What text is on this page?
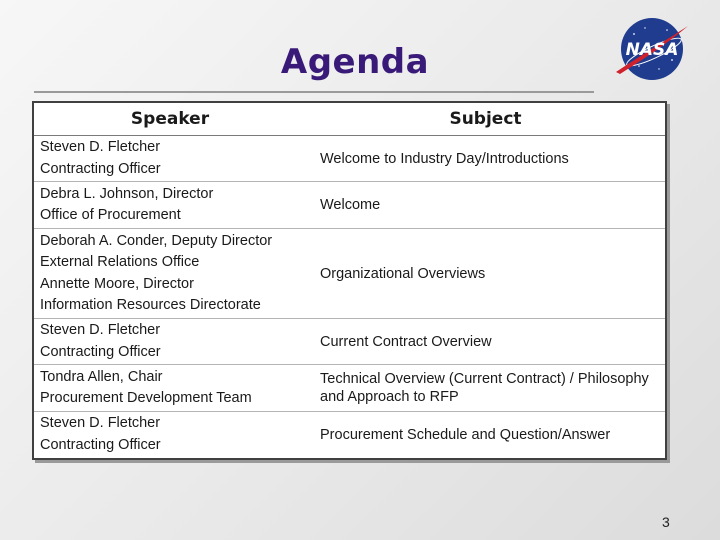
Agenda	NASA
Speaker	Subject

Steven D. Fletcher
Contracting Officer	Welcome to Industry Day/Introductions

Debra L. Johnson, Director
Office of Procurement	Welcome

Deborah A. Conder, Deputy Director
External Relations Office
Annette Moore, Director
Information Resources Directorate	Organizational Overviews

Steven D. Fletcher
Contracting Officer	Current Contract Overview

Tondra Allen, Chair
Procurement Development Team	Technical Overview (Current Contract) / Philosophy and Approach to RFP

Steven D. Fletcher
Contracting Officer	Procurement Schedule and Question/Answer
3
